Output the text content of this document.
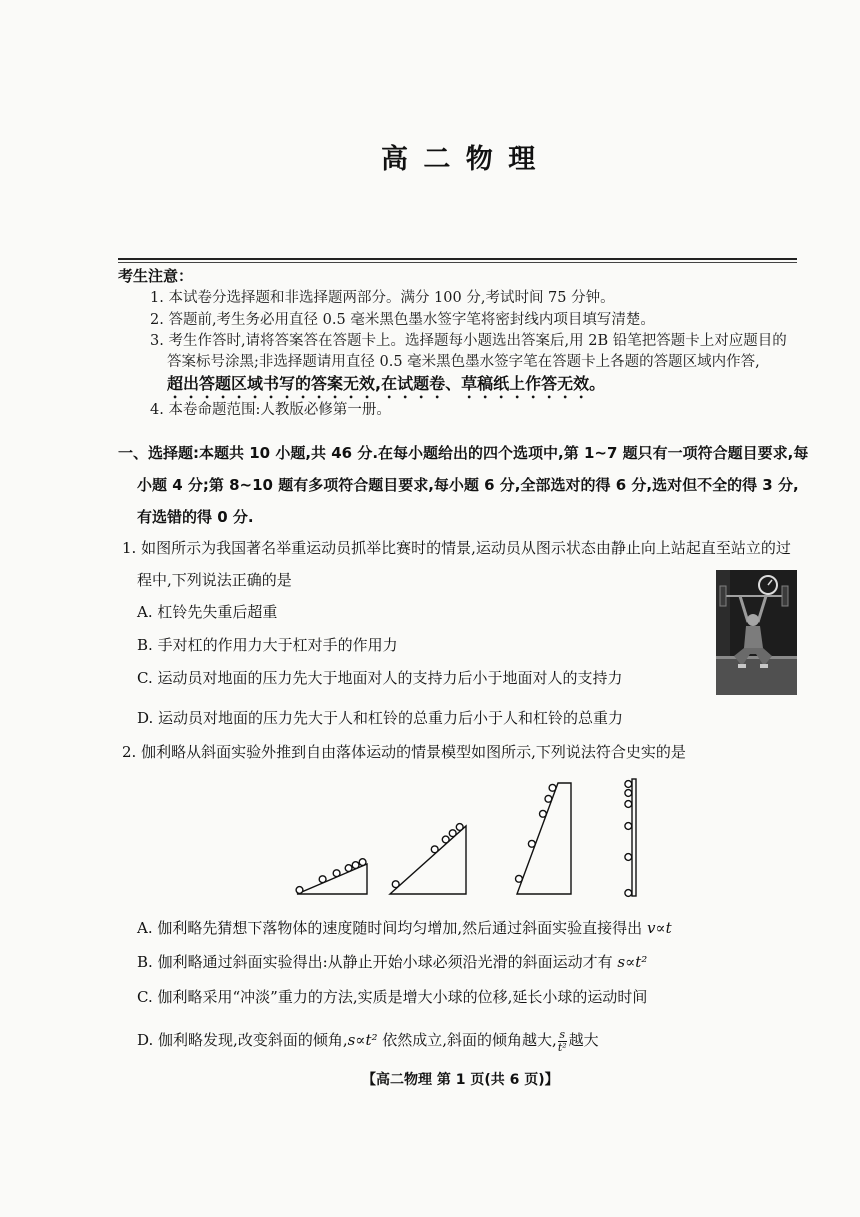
高 二 物 理
考生注意：
1. 本试卷分选择题和非选择题两部分。满分 100 分,考试时间 75 分钟。
2. 答题前,考生务必用直径 0.5 毫米黑色墨水签字笔将密封线内项目填写清楚。
3. 考生作答时,请将答案答在答题卡上。选择题每小题选出答案后,用 2B 铅笔把答题卡上对应题目的
答案标号涂黑;非选择题请用直径 0.5 毫米黑色墨水签字笔在答题卡上各题的答题区域内作答,
超出答题区域书写的答案无效,在试题卷、草稿纸上作答无效。
4. 本卷命题范围:人教版必修第一册。
一、选择题:本题共 10 小题,共 46 分.在每小题给出的四个选项中,第 1~7 题只有一项符合题目要求,每
小题 4 分;第 8~10 题有多项符合题目要求,每小题 6 分,全部选对的得 6 分,选对但不全的得 3 分,
有选错的得 0 分.
1. 如图所示为我国著名举重运动员抓举比赛时的情景,运动员从图示状态由静止向上站起直至站立的过
程中,下列说法正确的是
A. 杠铃先失重后超重
B. 手对杠的作用力大于杠对手的作用力
C. 运动员对地面的压力先大于地面对人的支持力后小于地面对人的支持力
D. 运动员对地面的压力先大于人和杠铃的总重力后小于人和杠铃的总重力
2. 伽利略从斜面实验外推到自由落体运动的情景模型如图所示,下列说法符合史实的是
A. 伽利略先猜想下落物体的速度随时间均匀增加,然后通过斜面实验直接得出 v∝t
B. 伽利略通过斜面实验得出:从静止开始小球必须沿光滑的斜面运动才有 s∝t²
C. 伽利略采用“冲淡”重力的方法,实质是增大小球的位移,延长小球的运动时间
D. 伽利略发现,改变斜面的倾角,s∝t² 依然成立,斜面的倾角越大, $\frac{s}{\text{t²}}$ 越大
【高二物理 第 1 页(共 6 页)】
